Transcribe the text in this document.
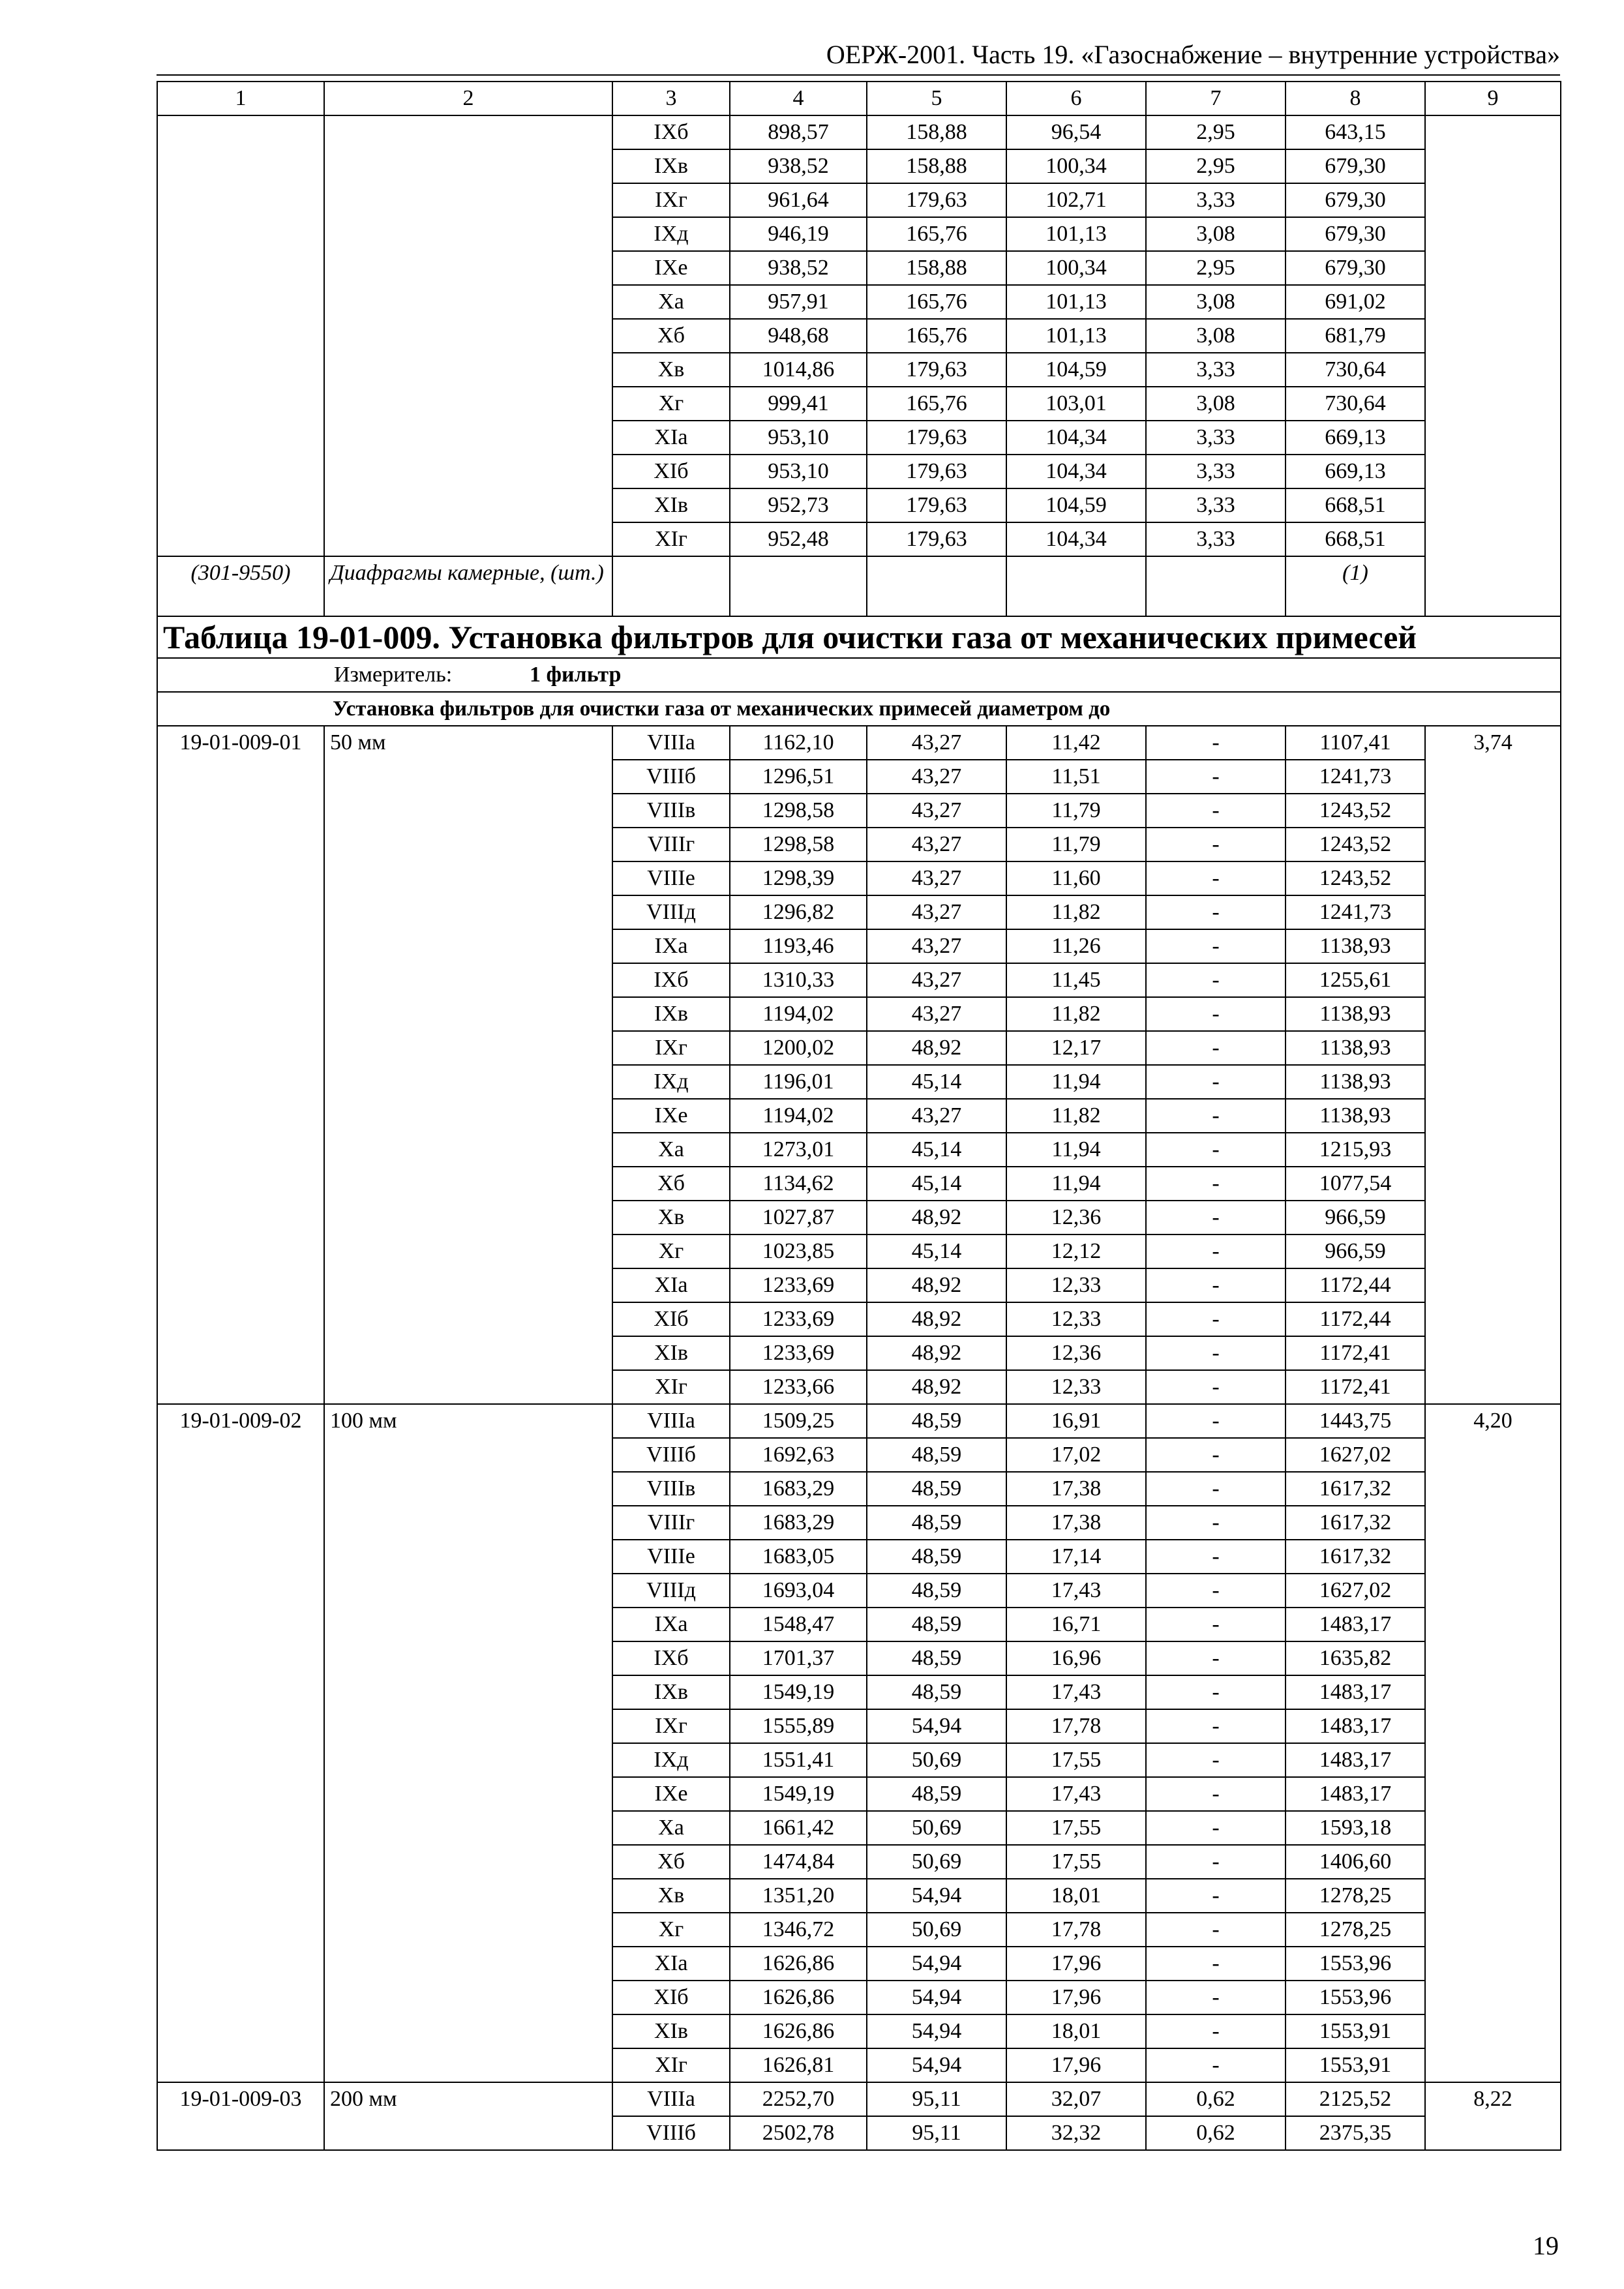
ОЕРЖ-2001. Часть 19. «Газоснабжение – внутренние устройства»
1	2	3	4	5	6	7	8	9
		IXб	898,57	158,88	96,54	2,95	643,15	
		IXв	938,52	158,88	100,34	2,95	679,30	
		IXг	961,64	179,63	102,71	3,33	679,30	
		IXд	946,19	165,76	101,13	3,08	679,30	
		IXе	938,52	158,88	100,34	2,95	679,30	
		Xа	957,91	165,76	101,13	3,08	691,02	
		Xб	948,68	165,76	101,13	3,08	681,79	
		Xв	1014,86	179,63	104,59	3,33	730,64	
		Xг	999,41	165,76	103,01	3,08	730,64	
		XIа	953,10	179,63	104,34	3,33	669,13	
		XIб	953,10	179,63	104,34	3,33	669,13	
		XIв	952,73	179,63	104,59	3,33	668,51	
		XIг	952,48	179,63	104,34	3,33	668,51	
(301-9550)	Диафрагмы камерные, (шт.)						(1)	
Таблица 19-01-009. Установка фильтров для очистки газа от механических примесей								
Измеритель: 1 фильтр								
Установка фильтров для очистки газа от механических примесей диаметром до								
19-01-009-01	50 мм	VIIIа	1162,10	43,27	11,42	-	1107,41	3,74
		VIIIб	1296,51	43,27	11,51	-	1241,73	
		VIIIв	1298,58	43,27	11,79	-	1243,52	
		VIIIг	1298,58	43,27	11,79	-	1243,52	
		VIIIе	1298,39	43,27	11,60	-	1243,52	
		VIIIд	1296,82	43,27	11,82	-	1241,73	
		IXа	1193,46	43,27	11,26	-	1138,93	
		IXб	1310,33	43,27	11,45	-	1255,61	
		IXв	1194,02	43,27	11,82	-	1138,93	
		IXг	1200,02	48,92	12,17	-	1138,93	
		IXд	1196,01	45,14	11,94	-	1138,93	
		IXе	1194,02	43,27	11,82	-	1138,93	
		Xа	1273,01	45,14	11,94	-	1215,93	
		Xб	1134,62	45,14	11,94	-	1077,54	
		Xв	1027,87	48,92	12,36	-	966,59	
		Xг	1023,85	45,14	12,12	-	966,59	
		XIа	1233,69	48,92	12,33	-	1172,44	
		XIб	1233,69	48,92	12,33	-	1172,44	
		XIв	1233,69	48,92	12,36	-	1172,41	
		XIг	1233,66	48,92	12,33	-	1172,41	
19-01-009-02	100 мм	VIIIа	1509,25	48,59	16,91	-	1443,75	4,20
		VIIIб	1692,63	48,59	17,02	-	1627,02	
		VIIIв	1683,29	48,59	17,38	-	1617,32	
		VIIIг	1683,29	48,59	17,38	-	1617,32	
		VIIIе	1683,05	48,59	17,14	-	1617,32	
		VIIIд	1693,04	48,59	17,43	-	1627,02	
		IXа	1548,47	48,59	16,71	-	1483,17	
		IXб	1701,37	48,59	16,96	-	1635,82	
		IXв	1549,19	48,59	17,43	-	1483,17	
		IXг	1555,89	54,94	17,78	-	1483,17	
		IXд	1551,41	50,69	17,55	-	1483,17	
		IXе	1549,19	48,59	17,43	-	1483,17	
		Xа	1661,42	50,69	17,55	-	1593,18	
		Xб	1474,84	50,69	17,55	-	1406,60	
		Xв	1351,20	54,94	18,01	-	1278,25	
		Xг	1346,72	50,69	17,78	-	1278,25	
		XIа	1626,86	54,94	17,96	-	1553,96	
		XIб	1626,86	54,94	17,96	-	1553,96	
		XIв	1626,86	54,94	18,01	-	1553,91	
		XIг	1626,81	54,94	17,96	-	1553,91	
19-01-009-03	200 мм	VIIIа	2252,70	95,11	32,07	0,62	2125,52	8,22
		VIIIб	2502,78	95,11	32,32	0,62	2375,35	
19
